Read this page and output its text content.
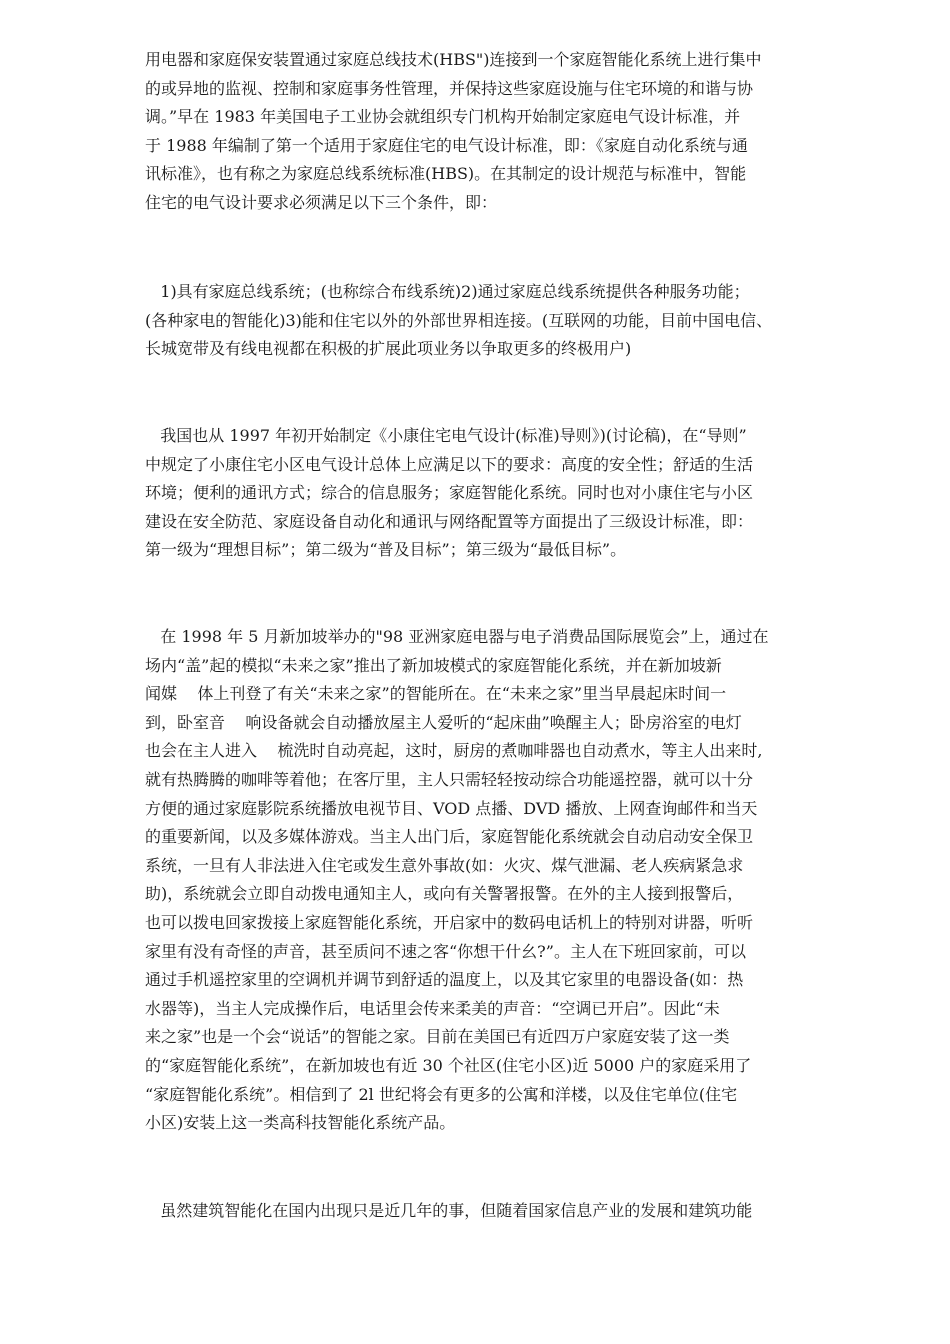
用电器和家庭保安装置通过家庭总线技术(HBS")连接到一个家庭智能化系统上进行集中
的或异地的监视、控制和家庭事务性管理，并保持这些家庭设施与住宅环境的和谐与协
调。”早在 1983 年美国电子工业协会就组织专门机构开始制定家庭电气设计标准，并
于 1988 年编制了第一个适用于家庭住宅的电气设计标准，即：《家庭自动化系统与通
讯标准》，也有称之为家庭总线系统标准(HBS)。在其制定的设计规范与标准中，智能
住宅的电气设计要求必须满足以下三个条件，即：

1)具有家庭总线系统；(也称综合布线系统)2)通过家庭总线系统提供各种服务功能；
(各种家电的智能化)3)能和住宅以外的外部世界相连接。(互联网的功能，目前中国电信、
长城宽带及有线电视都在积极的扩展此项业务以争取更多的终极用户)

我国也从 1997 年初开始制定《小康住宅电气设计(标准)导则》)(讨论稿)，在“导则”
中规定了小康住宅小区电气设计总体上应满足以下的要求：高度的安全性；舒适的生活
环境；便利的通讯方式；综合的信息服务；家庭智能化系统。同时也对小康住宅与小区
建设在安全防范、家庭设备自动化和通讯与网络配置等方面提出了三级设计标准，即：
第一级为“理想目标”；第二级为“普及目标”；第三级为“最低目标”。

在 1998 年 5 月新加坡举办的"98 亚洲家庭电器与电子消费品国际展览会”上，通过在
场内“盖”起的模拟“未来之家”推出了新加坡模式的家庭智能化系统，并在新加坡新
闻媒    体上刊登了有关“未来之家”的智能所在。在“未来之家”里当早晨起床时间一
到，卧室音    响设备就会自动播放屋主人爱听的“起床曲”唤醒主人；卧房浴室的电灯
也会在主人进入    梳洗时自动亮起，这时，厨房的煮咖啡器也自动煮水，等主人出来时,
就有热腾腾的咖啡等着他；在客厅里，主人只需轻轻按动综合功能遥控器，就可以十分
方便的通过家庭影院系统播放电视节目、VOD 点播、DVD 播放、上网查询邮件和当天
的重要新闻，以及多媒体游戏。当主人出门后，家庭智能化系统就会自动启动安全保卫
系统，一旦有人非法进入住宅或发生意外事故(如：火灾、煤气泄漏、老人疾病紧急求
助)，系统就会立即自动拨电通知主人，或向有关警署报警。在外的主人接到报警后，
也可以拨电回家拨接上家庭智能化系统，开启家中的数码电话机上的特别对讲器，听听
家里有没有奇怪的声音，甚至质问不速之客“你想干什幺?”。主人在下班回家前，可以
通过手机遥控家里的空调机并调节到舒适的温度上，以及其它家里的电器设备(如：热
水器等)，当主人完成操作后，电话里会传来柔美的声音：“空调已开启”。因此“未
来之家”也是一个会“说话”的智能之家。目前在美国已有近四万户家庭安装了这一类
的“家庭智能化系统”，在新加坡也有近 30 个社区(住宅小区)近 5000 户的家庭采用了
“家庭智能化系统”。相信到了 2l 世纪将会有更多的公寓和洋楼，以及住宅单位(住宅
小区)安装上这一类高科技智能化系统产品。

虽然建筑智能化在国内出现只是近几年的事，但随着国家信息产业的发展和建筑功能
